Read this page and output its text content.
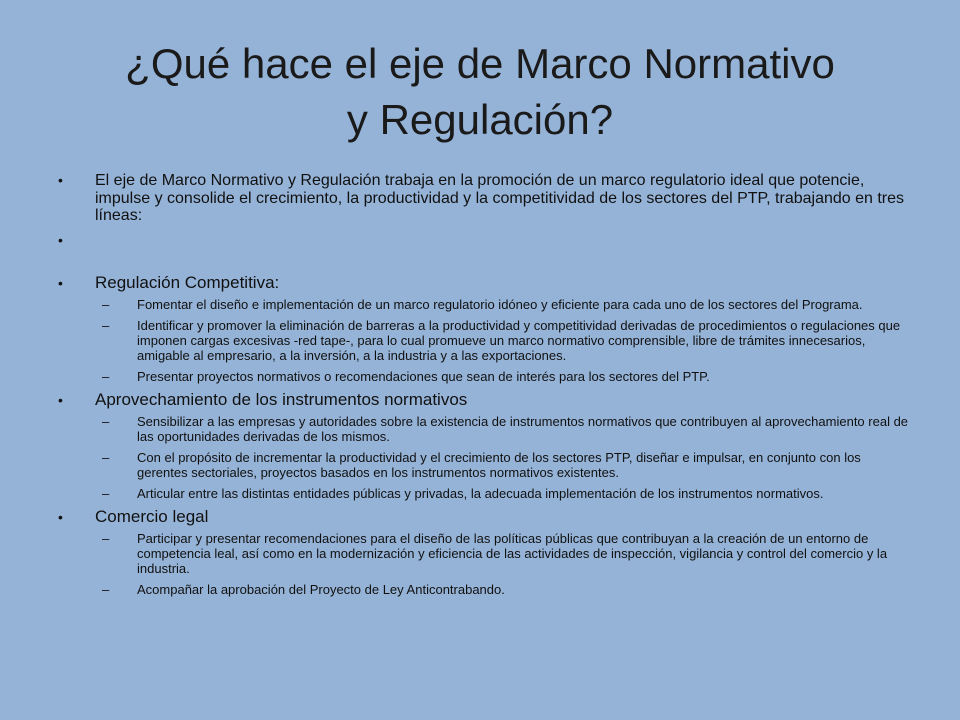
¿Qué hace el eje de Marco Normativo
y Regulación?
• El eje de Marco Normativo y Regulación trabaja en la promoción de un marco regulatorio ideal que potencie, impulse y consolide el crecimiento, la productividad y la competitividad de los sectores del PTP, trabajando en tres líneas:
•
• Regulación Competitiva:
– Fomentar el diseño e implementación de un marco regulatorio idóneo y eficiente para cada uno de los sectores del Programa.
– Identificar y promover la eliminación de barreras a la productividad y competitividad derivadas de procedimientos o regulaciones que imponen cargas excesivas -red tape-, para lo cual promueve un marco normativo comprensible, libre de trámites innecesarios, amigable al empresario, a la inversión, a la industria y a las exportaciones.
– Presentar proyectos normativos o recomendaciones que sean de interés para los sectores del PTP.
• Aprovechamiento de los instrumentos normativos
– Sensibilizar a las empresas y autoridades sobre la existencia de instrumentos normativos que contribuyen al aprovechamiento real de las oportunidades derivadas de los mismos.
– Con el propósito de incrementar la productividad y el crecimiento de los sectores PTP, diseñar e impulsar, en conjunto con los gerentes sectoriales, proyectos basados en los instrumentos normativos existentes.
– Articular entre las distintas entidades públicas y privadas, la adecuada implementación de los instrumentos normativos.
• Comercio legal
– Participar y presentar recomendaciones para el diseño de las políticas públicas que contribuyan a la creación de un entorno de competencia leal, así como en la modernización y eficiencia de las actividades de inspección, vigilancia y control del comercio y la industria.
– Acompañar la aprobación del Proyecto de Ley Anticontrabando.
